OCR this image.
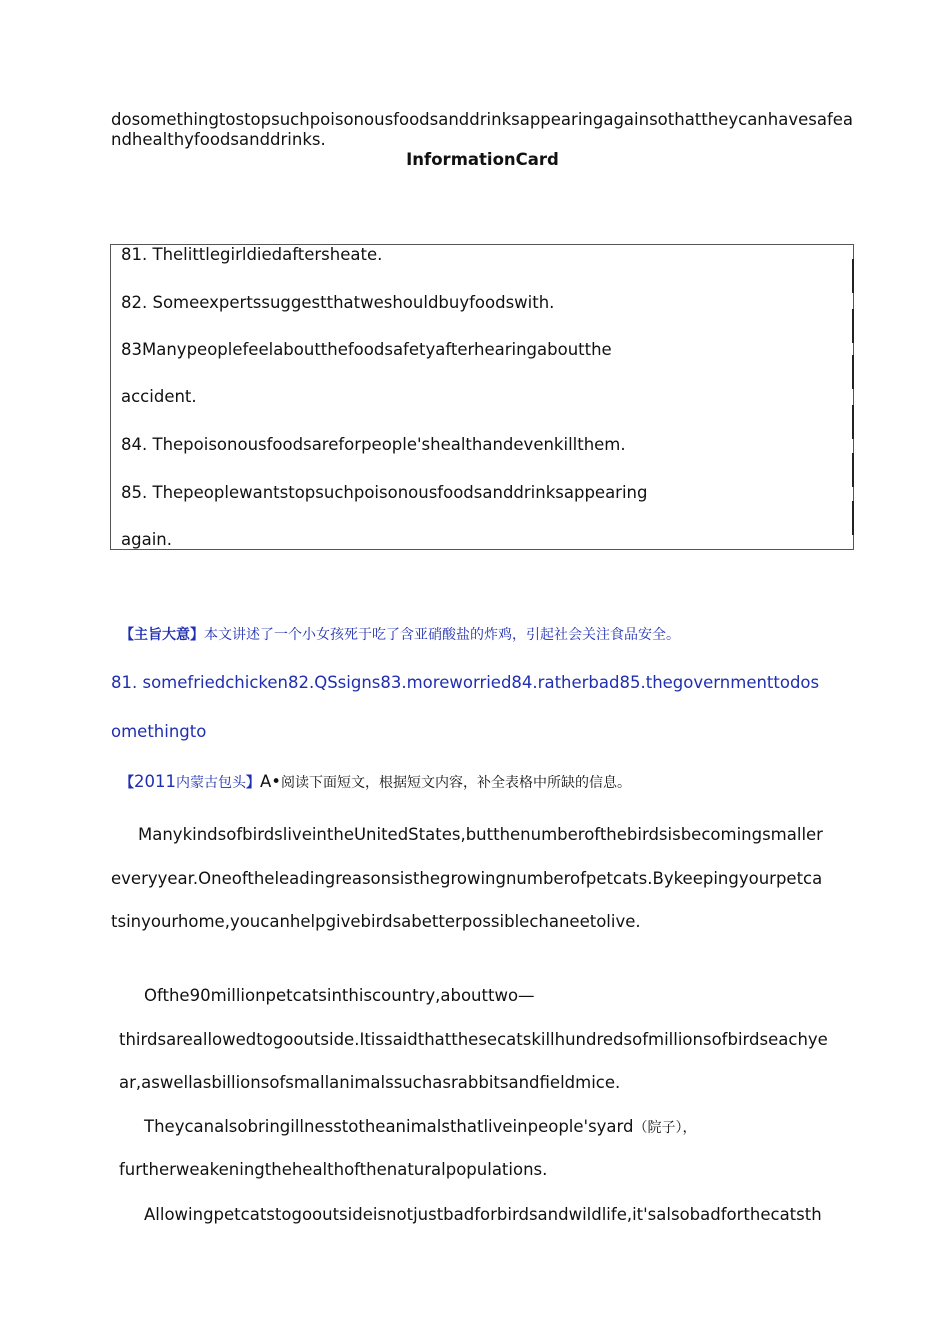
dosomethingtostopsuchpoisonousfoodsanddrinksappearingagainsothattheycanhavesafeandhealthyfoodsanddrinks.
InformationCard
81. Thelittlegirldiedaftersheate.
82. Someexpertssuggestthatweshouldbuyfoodswith.
83Manypeoplefeelaboutthefoodsafetyafterhearingaboutthe
accident.
84. Thepoisonousfoodsareforpeople'shealthandevenkillthem.
85. Thepeoplewantstopsuchpoisonousfoodsanddrinksappearing
again.
【主旨大意】本文讲述了一个小女孩死于吃了含亚硝酸盐的炸鸡，引起社会关注食品安全。
81. somefriedchicken82.QSsigns83.moreworried84.ratherbad85.thegovernmenttodos
omethingto
【2011内蒙古包头】A•阅读下面短文，根据短文内容，补全表格中所缺的信息。
ManykindsofbirdsliveintheUnitedStates,butthenumberofthebirdsisbecomingsmaller
everyyear.Oneoftheleadingreasonsisthegrowingnumberofpetcats.Bykeepingyourpetca
tsinyourhome,youcanhelpgivebirdsabetterpossiblechaneetolive.
Ofthe90millionpetcatsinthiscountry,abouttwo—
thirdsareallowedtogooutside.Itissaidthatthesecatskillhundredsofmillionsofbirdseachye
ar,aswellasbillionsofsmallanimalssuchasrabbitsandfieldmice.
Theycanalsobringillnesstotheanimalsthatliveinpeople'syard（院子），
furtherweakeningthehealthofthenaturalpopulations.
Allowingpetcatstogooutsideisnotjustbadforbirdsandwildlife,it'salsobadforthecatsth
